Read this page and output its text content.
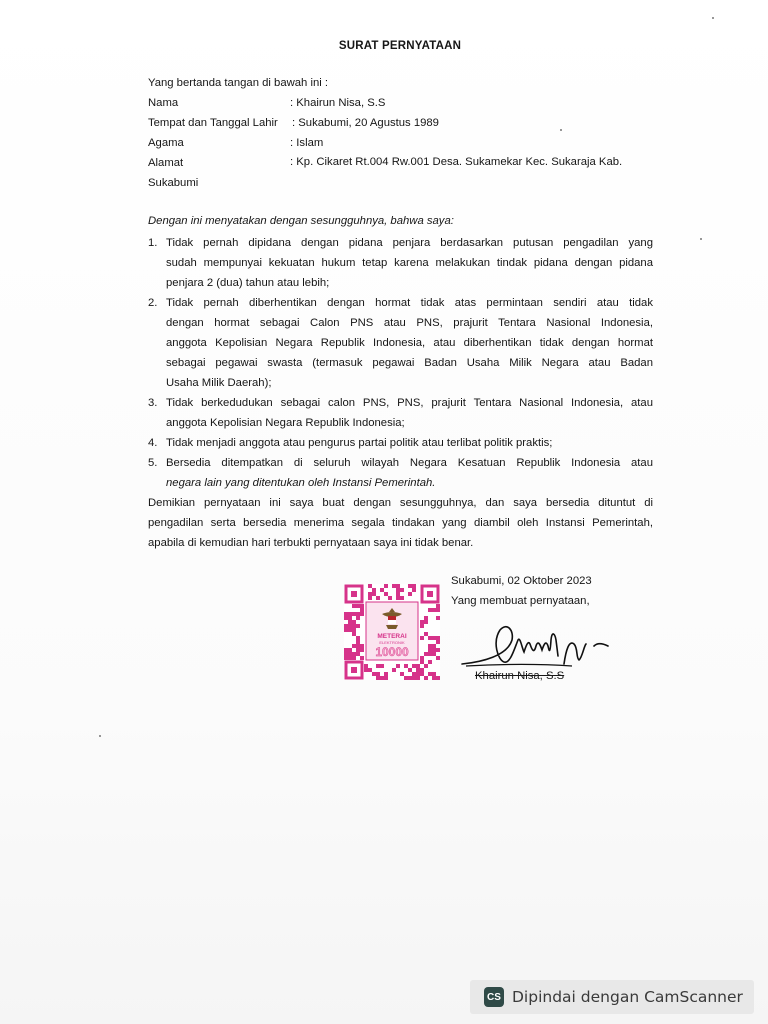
SURAT PERNYATAAN
Yang bertanda tangan di bawah ini :
Nama	: Khairun Nisa, S.S
Tempat dan Tanggal Lahir : Sukabumi, 20 Agustus 1989
Agama	: Islam
Alamat	: Kp. Cikaret Rt.004 Rw.001 Desa. Sukamekar Kec. Sukaraja Kab.
Sukabumi
Dengan ini menyatakan dengan sesungguhnya, bahwa saya:
1. Tidak pernah dipidana dengan pidana penjara berdasarkan putusan pengadilan yang
sudah mempunyai kekuatan hukum tetap karena melakukan tindak pidana dengan pidana
penjara 2 (dua) tahun atau lebih;
2. Tidak pernah diberhentikan dengan hormat tidak atas permintaan sendiri atau tidak
dengan hormat sebagai Calon PNS atau PNS, prajurit Tentara Nasional Indonesia,
anggota Kepolisian Negara Republik Indonesia, atau diberhentikan tidak dengan hormat
sebagai pegawai swasta (termasuk pegawai Badan Usaha Milik Negara atau Badan
Usaha Milik Daerah);
3. Tidak berkedudukan sebagai calon PNS, PNS, prajurit Tentara Nasional Indonesia, atau
anggota Kepolisian Negara Republik Indonesia;
4. Tidak menjadi anggota atau pengurus partai politik atau terlibat politik praktis;
5. Bersedia ditempatkan di seluruh wilayah Negara Kesatuan Republik Indonesia atau
negara lain yang ditentukan oleh Instansi Pemerintah.
Demikian pernyataan ini saya buat dengan sesungguhnya, dan saya bersedia dituntut di
pengadilan serta bersedia menerima segala tindakan yang diambil oleh Instansi Pemerintah,
apabila di kemudian hari terbukti pernyataan saya ini tidak benar.
Sukabumi, 02 Oktober 2023
Yang membuat pernyataan,
METERAI
ELEKTRONIK
10000
Khairun Nisa, S.S
CS Dipindai dengan CamScanner
